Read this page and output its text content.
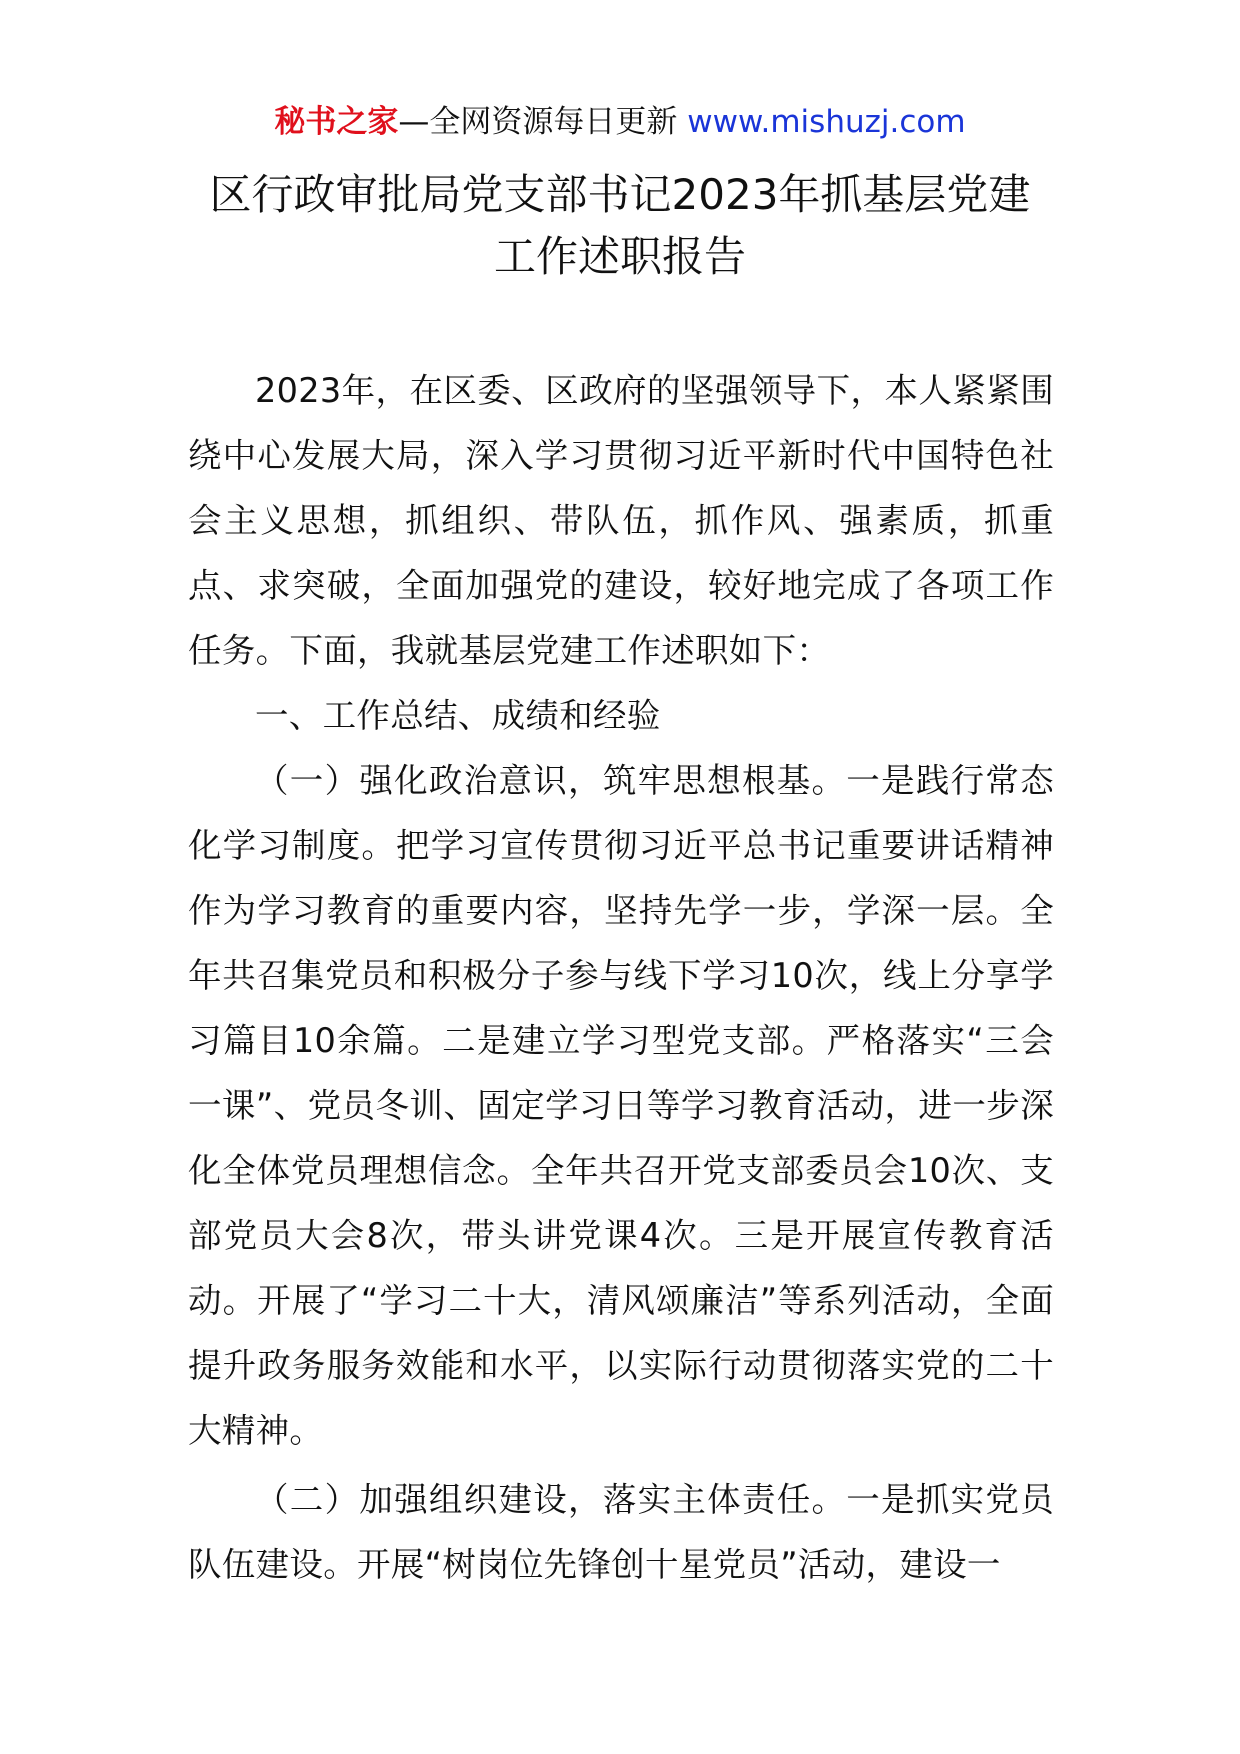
秘书之家—全网资源每日更新 www.mishuzj.com
区行政审批局党支部书记2023年抓基层党建
工作述职报告

2023年，在区委、区政府的坚强领导下，本人紧紧围绕中心发展大局，深入学习贯彻习近平新时代中国特色社会主义思想，抓组织、带队伍，抓作风、强素质，抓重点、求突破，全面加强党的建设，较好地完成了各项工作任务。下面，我就基层党建工作述职如下：

一、工作总结、成绩和经验

（一）强化政治意识，筑牢思想根基。一是践行常态化学习制度。把学习宣传贯彻习近平总书记重要讲话精神作为学习教育的重要内容，坚持先学一步，学深一层。全年共召集党员和积极分子参与线下学习10次，线上分享学习篇目10余篇。二是建立学习型党支部。严格落实“三会一课”、党员冬训、固定学习日等学习教育活动，进一步深化全体党员理想信念。全年共召开党支部委员会10次、支部党员大会8次，带头讲党课4次。三是开展宣传教育活动。开展了“学习二十大，清风颂廉洁”等系列活动，全面提升政务服务效能和水平，以实际行动贯彻落实党的二十大精神。

（二）加强组织建设，落实主体责任。一是抓实党员队伍建设。开展“树岗位先锋创十星党员”活动，建设一
